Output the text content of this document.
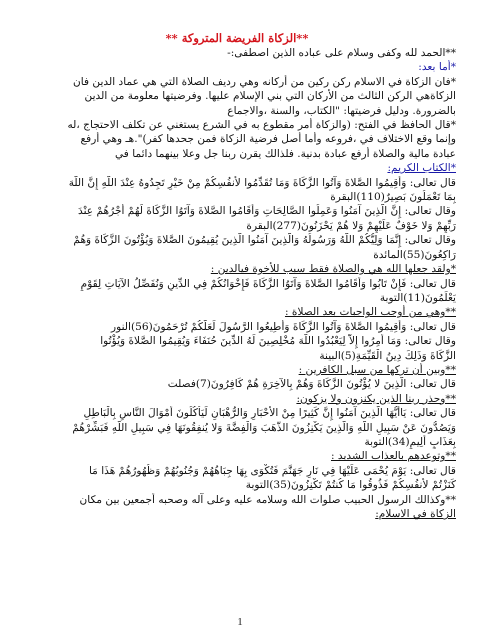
**الزكاة الفريضة المتروكة **
**الحمد لله وكفى وسلام على عباده الذين اصطفى:-
*أما بعد:
*فان الزكاة في الاسلام ركن ركين من أركانه وهي رديف الصلاة التي هي عماد الدين فان
الزكاةهي الركن الثالث من الأركان التي بني الإسلام عليها. وفرضيتها معلومة من الدين
بالضرورة. ودليل فرضيتها: "الكتاب، والسنة ،والاجماع
*قال الحافظ في الفتح: (والزكاة أمر مقطوع به في الشرع يستغني عن تكلف الاحتجاج ،له
وإنما وقع الاختلاف في ،فروعه وأما أصل فرضية الزكاة فمن جحدها كفر)".هـ وهي أرفع
عبادة مالية والصلاة أرفع عبادة بدنية. فلذالك يقرن ربنا جل وعلا بينهما دائما في
*الكتاب الكريم:
قال تعالى: وَأَقِيمُوا الصَّلاةَ وَآتُوا الزَّكَاةَ وَمَا تُقَدِّمُوا لأَنفُسِكُمْ مِنْ خَيْرٍ تَجِدُوهُ عِنْدَ اللَّهِ إِنَّ اللَّهَ
بِمَا تَعْمَلُونَ بَصِيرٌ(110)البقرة
وقال تعالى: إِنَّ الَّذِينَ آمَنُوا وَعَمِلُوا الصَّالِحَاتِ وَأَقَامُوا الصَّلاةَ وَآتَوُا الزَّكَاةَ لَهُمْ أَجْرُهُمْ عِنْدَ
رَبِّهِمْ وَلا خَوْفٌ عَلَيْهِمْ وَلا هُمْ يَحْزَنُونَ(277)البقرة
وقال تعالى: إِنَّمَا وَلِيُّكُمْ اللَّهُ وَرَسُولُهُ وَالَّذِينَ آمَنُوا الَّذِينَ يُقِيمُونَ الصَّلاةَ وَيُؤْتُونَ الزَّكَاةَ وَهُمْ
رَاكِعُونَ(55)المائدة
*ولقد جعلها الله هي والصلاة فقط سبب للأخوة فيالدين :
قال تعالى: فَإِنْ تَابُوا وَأَقَامُوا الصَّلاةَ وَآتَوُا الزَّكَاةَ فَإِخْوَانُكُمْ فِي الدِّينِ وَنُفَصِّلُ الآيَاتِ لِقَوْمٍ
يَعْلَمُونَ(11)التوبة
**وهي من أوجب الواجبات بعد الصلاة :
قال تعالى: وَأَقِيمُوا الصَّلاةَ وَآتُوا الزَّكَاةَ وَأَطِيعُوا الرَّسُولَ لَعَلَّكُمْ تُرْحَمُونَ(56)النور
وقال تعالى: وَمَا أُمِرُوا إِلاَّ لِيَعْبُدُوا اللَّهَ مُخْلِصِينَ لَهُ الدِّينَ حُنَفَاءَ وَيُقِيمُوا الصَّلاةَ وَيُؤْتُوا
الزَّكَاةَ وَذَلِكَ دِينُ الْقَيِّمَةِ(5)البينة
**وبين أن تركها من سبل الكافرين :
قال تعالى: الَّذِينَ لا يُؤْتُونَ الزَّكَاةَ وَهُمْ بِالآخِرَةِ هُمْ كَافِرُونَ(7)فصلت
**وحذر ربنا الذين يكنزون ولا يزكون:
قال تعالى: يَاأَيُّهَا الَّذِينَ آمَنُوا إِنَّ كَثِيرًا مِنْ الأَحْبَارِ وَالرُّهْبَانِ لَيَأْكُلُونَ أَمْوَالَ النَّاسِ بِالْبَاطِلِ
وَيَصُدُّونَ عَنْ سَبِيلِ اللَّهِ وَالَّذِينَ يَكْنِزُونَ الذَّهَبَ وَالْفِضَّةَ وَلا يُنفِقُونَهَا فِي سَبِيلِ اللَّهِ فَبَشِّرْهُمْ
بِعَذَابٍ أَلِيمٍ(34)التوبة
**وتوعدهم بالعذاب الشديد :
قال تعالى: يَوْمَ يُحْمَى عَلَيْهَا فِي نَارِ جَهَنَّمَ فَتُكْوَى بِهَا جِبَاهُهُمْ وَجُنُوبُهُمْ وَظُهُورُهُمْ هَذَا مَا
كَنَزْتُمْ لأَنفُسِكُمْ فَذُوقُوا مَا كُنتُمْ تَكْنِزُونَ(35)التوبة
**وكذالك الرسول الحبيب صلوات الله وسلامه عليه وعلى آله وصحبه أجمعين بين مكان
الزكاة في الاسلام:
1
